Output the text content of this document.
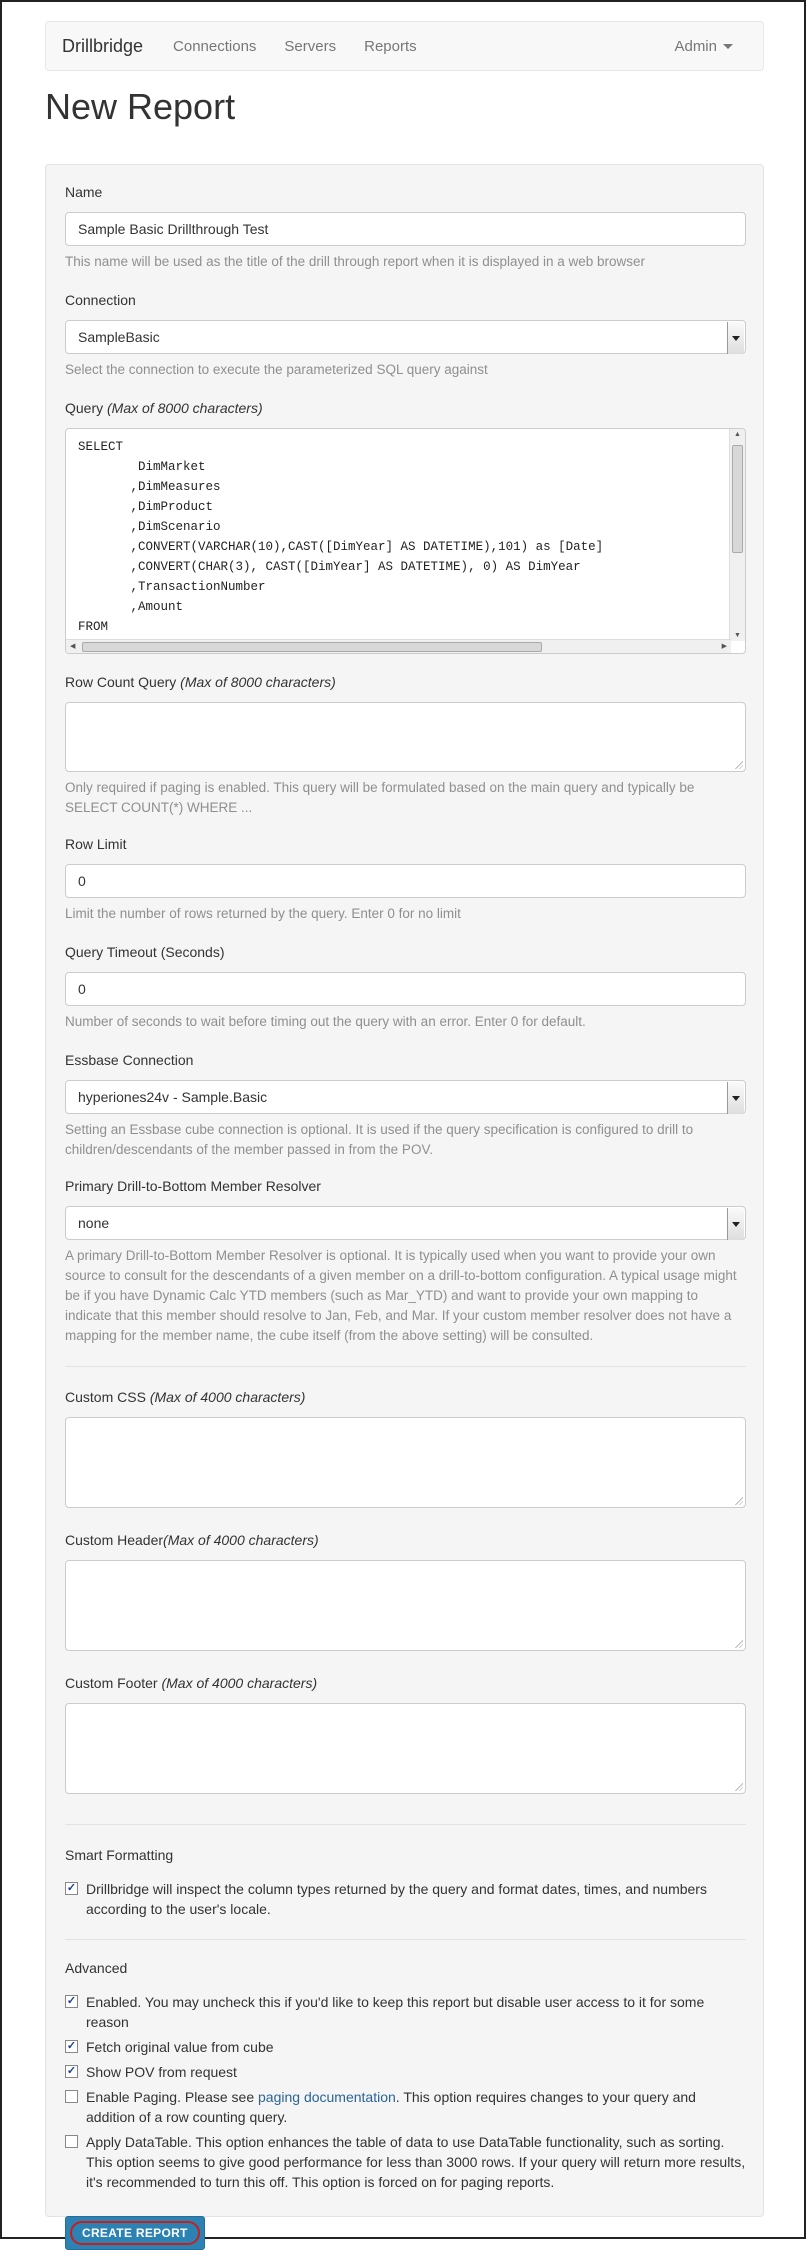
Drillbridge Connections Servers Reports	Admin
New Report
Name
Sample Basic Drillthrough Test
This name will be used as the title of the drill through report when it is displayed in a web browser
Connection
SampleBasic
Select the connection to execute the parameterized SQL query against
Query (Max of 8000 characters)
SELECT
DimMarket
,DimMeasures
,DimProduct
,DimScenario
,CONVERT(VARCHAR(10),CAST([DimYear] AS DATETIME),101) as [Date]
,CONVERT(CHAR(3), CAST([DimYear] AS DATETIME), 0) AS DimYear
,TransactionNumber
,Amount
FROM
▲
▼
◀	▶
Row Count Query (Max of 8000 characters)
Only required if paging is enabled. This query will be formulated based on the main query and typically be SELECT COUNT(*) WHERE ...
Row Limit
0
Limit the number of rows returned by the query. Enter 0 for no limit
Query Timeout (Seconds)
0
Number of seconds to wait before timing out the query with an error. Enter 0 for default.
Essbase Connection
hyperiones24v - Sample.Basic
Setting an Essbase cube connection is optional. It is used if the query specification is configured to drill to children/descendants of the member passed in from the POV.
Primary Drill-to-Bottom Member Resolver
none
A primary Drill-to-Bottom Member Resolver is optional. It is typically used when you want to provide your own source to consult for the descendants of a given member on a drill-to-bottom configuration. A typical usage might be if you have Dynamic Calc YTD members (such as Mar_YTD) and want to provide your own mapping to indicate that this member should resolve to Jan, Feb, and Mar. If your custom member resolver does not have a mapping for the member name, the cube itself (from the above setting) will be consulted.
Custom CSS (Max of 4000 characters)
Custom Header(Max of 4000 characters)
Custom Footer (Max of 4000 characters)
Smart Formatting
✓ Drillbridge will inspect the column types returned by the query and format dates, times, and numbers according to the user's locale.
Advanced
✓ Enabled. You may uncheck this if you'd like to keep this report but disable user access to it for some reason
✓ Fetch original value from cube
✓ Show POV from request
Enable Paging. Please see paging documentation. This option requires changes to your query and addition of a row counting query.
Apply DataTable. This option enhances the table of data to use DataTable functionality, such as sorting. This option seems to give good performance for less than 3000 rows. If your query will return more results, it's recommended to turn this off. This option is forced on for paging reports.
CREATE REPORT
